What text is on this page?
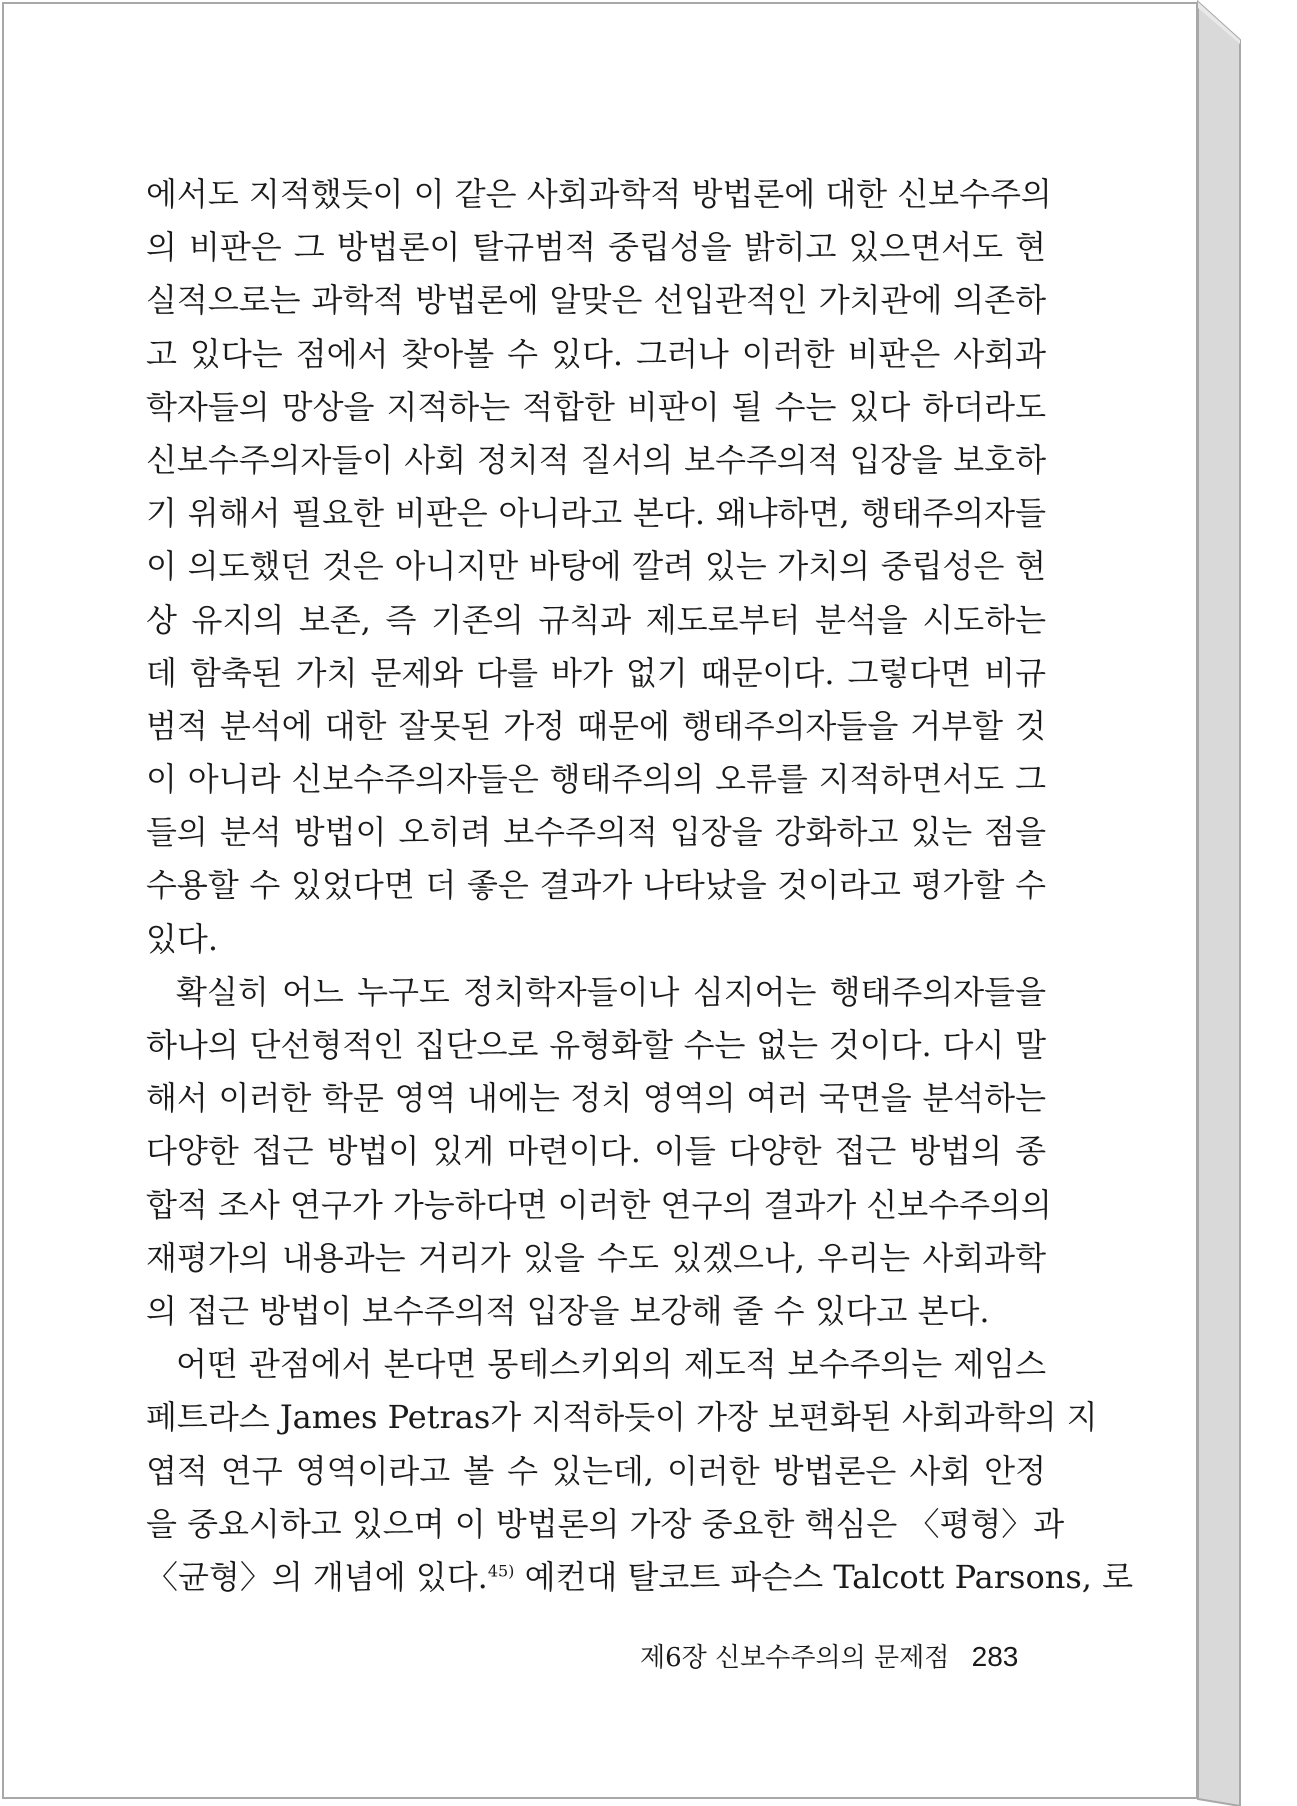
에서도 지적했듯이 이 같은 사회과학적 방법론에 대한 신보수주의
의 비판은 그 방법론이 탈규범적 중립성을 밝히고 있으면서도 현
실적으로는 과학적 방법론에 알맞은 선입관적인 가치관에 의존하
고 있다는 점에서 찾아볼 수 있다. 그러나 이러한 비판은 사회과
학자들의 망상을 지적하는 적합한 비판이 될 수는 있다 하더라도
신보수주의자들이 사회 정치적 질서의 보수주의적 입장을 보호하
기 위해서 필요한 비판은 아니라고 본다. 왜냐하면, 행태주의자들
이 의도했던 것은 아니지만 바탕에 깔려 있는 가치의 중립성은 현
상 유지의 보존, 즉 기존의 규칙과 제도로부터 분석을 시도하는
데 함축된 가치 문제와 다를 바가 없기 때문이다. 그렇다면 비규
범적 분석에 대한 잘못된 가정 때문에 행태주의자들을 거부할 것
이 아니라 신보수주의자들은 행태주의의 오류를 지적하면서도 그
들의 분석 방법이 오히려 보수주의적 입장을 강화하고 있는 점을
수용할 수 있었다면 더 좋은 결과가 나타났을 것이라고 평가할 수
있다.
확실히 어느 누구도 정치학자들이나 심지어는 행태주의자들을
하나의 단선형적인 집단으로 유형화할 수는 없는 것이다. 다시 말
해서 이러한 학문 영역 내에는 정치 영역의 여러 국면을 분석하는
다양한 접근 방법이 있게 마련이다. 이들 다양한 접근 방법의 종
합적 조사 연구가 가능하다면 이러한 연구의 결과가 신보수주의의
재평가의 내용과는 거리가 있을 수도 있겠으나, 우리는 사회과학
의 접근 방법이 보수주의적 입장을 보강해 줄 수 있다고 본다.
어떤 관점에서 본다면 몽테스키외의 제도적 보수주의는 제임스
페트라스 James Petras가 지적하듯이 가장 보편화된 사회과학의 지
엽적 연구 영역이라고 볼 수 있는데, 이러한 방법론은 사회 안정
을 중요시하고 있으며 이 방법론의 가장 중요한 핵심은 〈평형〉과
〈균형〉의 개념에 있다.$^{45)}$ 예컨대 탈코트 파슨스 Talcott Parsons, 로
제6장 신보수주의의 문제점 283
